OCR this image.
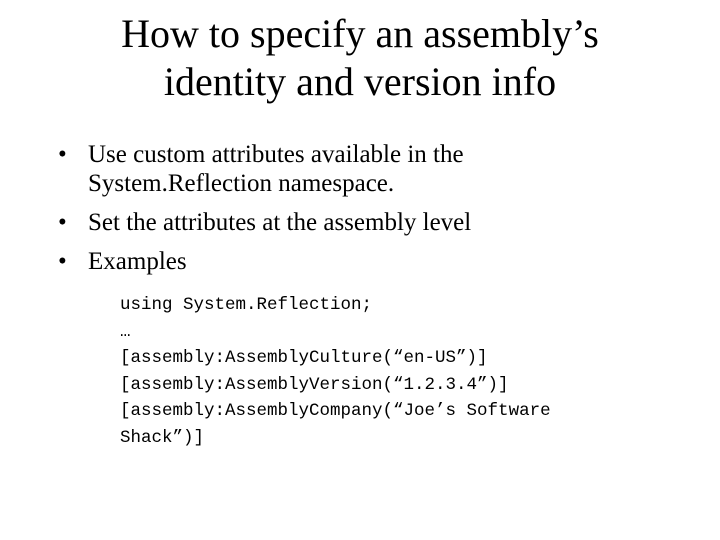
How to specify an assembly’s
identity and version info
• Use custom attributes available in the
System.Reflection namespace.
• Set the attributes at the assembly level
• Examples
using System.Reflection;
…
[assembly:AssemblyCulture(“en-US”)]
[assembly:AssemblyVersion(“1.2.3.4”)]
[assembly:AssemblyCompany(“Joe’s Software
Shack”)]
